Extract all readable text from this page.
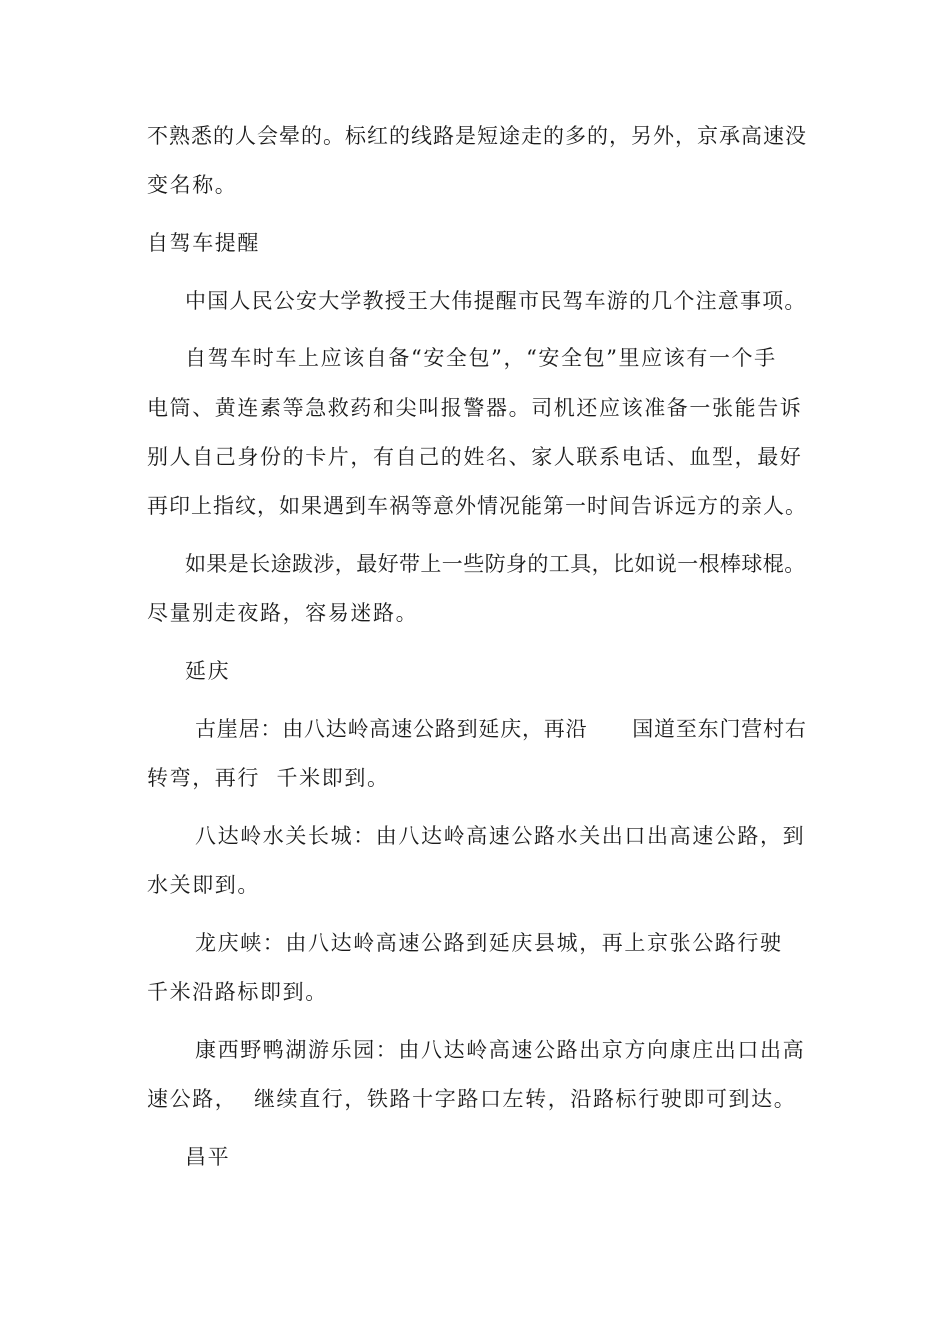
不熟悉的人会晕的。标红的线路是短途走的多的，另外，京承高速没
变名称。
自驾车提醒
中国人民公安大学教授王大伟提醒市民驾车游的几个注意事项。
自驾车时车上应该自备“安全包”，“安全包”里应该有一个手
电筒、黄连素等急救药和尖叫报警器。司机还应该准备一张能告诉
别人自己身份的卡片，有自己的姓名、家人联系电话、血型，最好
再印上指纹，如果遇到车祸等意外情况能第一时间告诉远方的亲人。
如果是长途跋涉，最好带上一些防身的工具，比如说一根棒球棍。
尽量别走夜路，容易迷路。
延庆
古崖居：由八达岭高速公路到延庆，再沿      国道至东门营村右
转弯，再行  千米即到。
八达岭水关长城：由八达岭高速公路水关出口出高速公路，到
水关即到。
龙庆峡：由八达岭高速公路到延庆县城，再上京张公路行驶
千米沿路标即到。
康西野鸭湖游乐园：由八达岭高速公路出京方向康庄出口出高
速公路，  继续直行，铁路十字路口左转，沿路标行驶即可到达。
昌平
